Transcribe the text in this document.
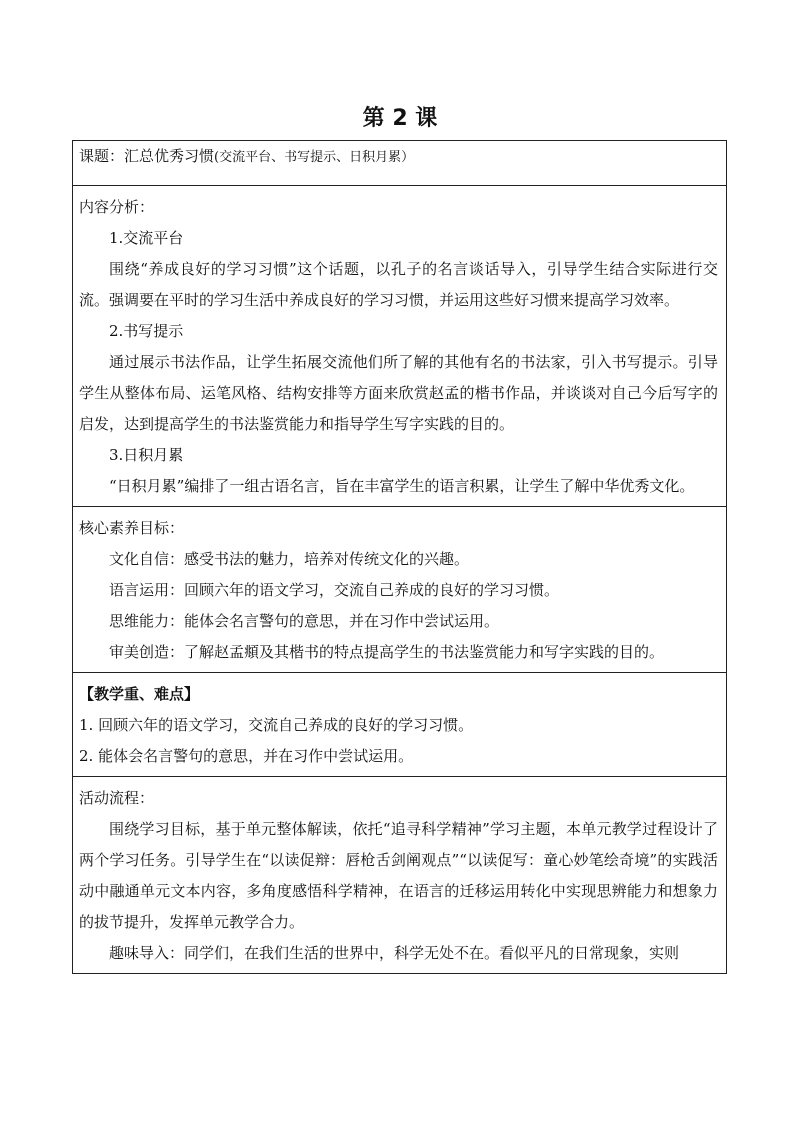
第 2 课
课题：汇总优秀习惯(交流平台、书写提示、日积月累）

内容分析：
1.交流平台
围绕“养成良好的学习习惯”这个话题，以孔子的名言谈话导入，引导学生结合实际进行交流。强调要在平时的学习生活中养成良好的学习习惯，并运用这些好习惯来提高学习效率。
2.书写提示
通过展示书法作品，让学生拓展交流他们所了解的其他有名的书法家，引入书写提示。引导学生从整体布局、运笔风格、结构安排等方面来欣赏赵孟的楷书作品，并谈谈对自己今后写字的启发，达到提高学生的书法鉴赏能力和指导学生写字实践的目的。
3.日积月累
“日积月累”编排了一组古语名言，旨在丰富学生的语言积累，让学生了解中华优秀文化。

核心素养目标：
文化自信：感受书法的魅力，培养对传统文化的兴趣。
语言运用：回顾六年的语文学习，交流自己养成的良好的学习习惯。
思维能力：能体会名言警句的意思，并在习作中尝试运用。
审美创造：了解赵孟頫及其楷书的特点提高学生的书法鉴赏能力和写字实践的目的。

【教学重、难点】
1. 回顾六年的语文学习，交流自己养成的良好的学习习惯。
2. 能体会名言警句的意思，并在习作中尝试运用。

活动流程：
围绕学习目标，基于单元整体解读，依托“追寻科学精神”学习主题，本单元教学过程设计了两个学习任务。引导学生在“以读促辩：唇枪舌剑阐观点”“以读促写：童心妙笔绘奇境”的实践活动中融通单元文本内容，多角度感悟科学精神，在语言的迁移运用转化中实现思辨能力和想象力的拔节提升，发挥单元教学合力。
趣味导入：同学们，在我们生活的世界中，科学无处不在。看似平凡的日常现象，实则
